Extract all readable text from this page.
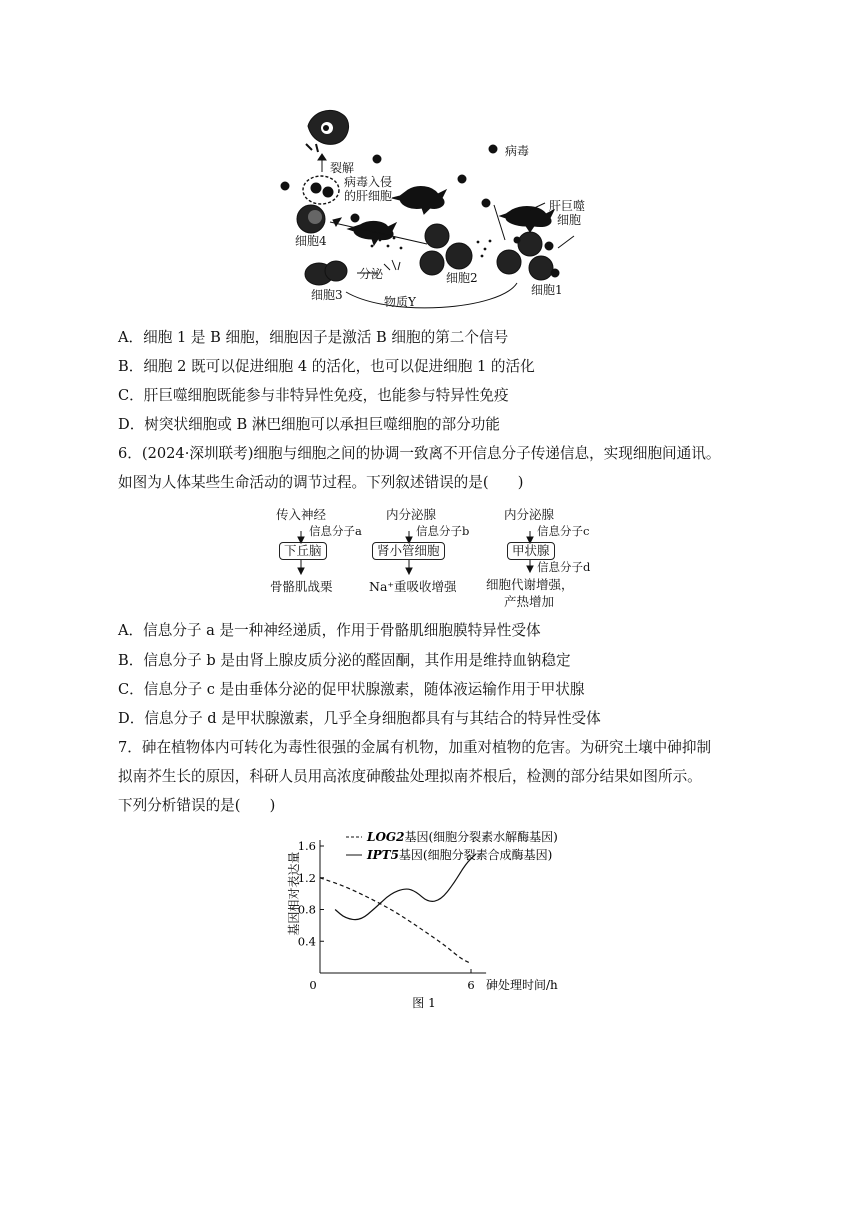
病毒
裂解
病毒入侵
的肝细胞
肝巨噬
细胞
细胞4
分泌	细胞2
细胞3	细胞1
物质Y
A．细胞 1 是 B 细胞，细胞因子是激活 B 细胞的第二个信号
B．细胞 2 既可以促进细胞 4 的活化，也可以促进细胞 1 的活化
C．肝巨噬细胞既能参与非特异性免疫，也能参与特异性免疫
D．树突状细胞或 B 淋巴细胞可以承担巨噬细胞的部分功能
6．(2024·深圳联考)细胞与细胞之间的协调一致离不开信息分子传递信息，实现细胞间通讯。
如图为人体某些生命活动的调节过程。下列叙述错误的是(　　)
传入神经
信息分子a
下丘脑
骨骼肌战栗
内分泌腺
信息分子b
肾小管细胞
Na⁺重吸收增强
内分泌腺
信息分子c
甲状腺
信息分子d
细胞代谢增强，
产热增加
A．信息分子 a 是一种神经递质，作用于骨骼肌细胞膜特异性受体
B．信息分子 b 是由肾上腺皮质分泌的醛固酮，其作用是维持血钠稳定
C．信息分子 c 是由垂体分泌的促甲状腺激素，随体液运输作用于甲状腺
D．信息分子 d 是甲状腺激素，几乎全身细胞都具有与其结合的特异性受体
7．砷在植物体内可转化为毒性很强的金属有机物，加重对植物的危害。为研究土壤中砷抑制
拟南芥生长的原因，科研人员用高浓度砷酸盐处理拟南芥根后，检测的部分结果如图所示。
下列分析错误的是(　　)
0.4
0.8
1.2
1.6
0	6 砷处理时间/h
基因相对表达量
LOG2基因(细胞分裂素水解酶基因)
IPT5基因(细胞分裂素合成酶基因)
图 1
